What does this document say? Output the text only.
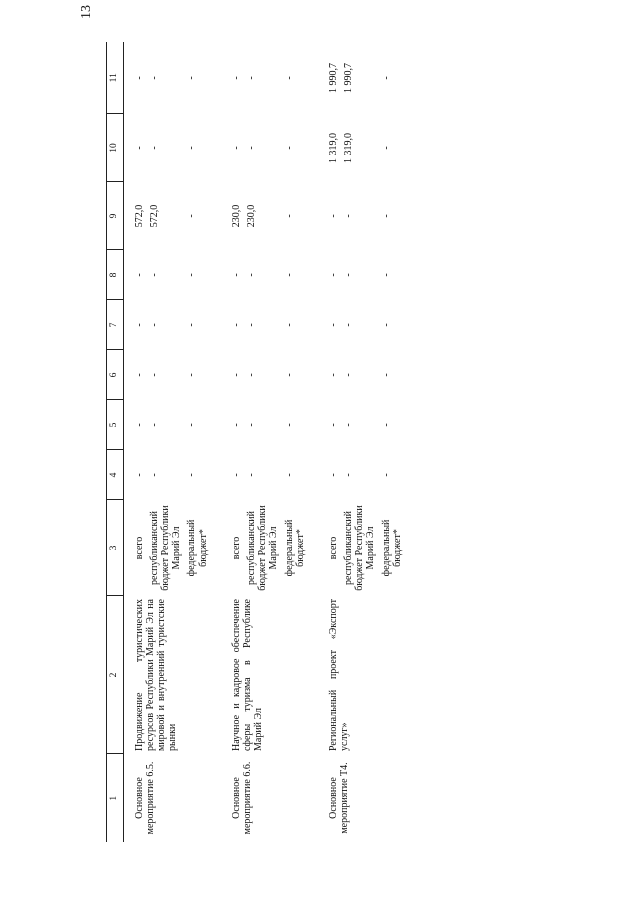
13
1	2	3	4	5	6	7	8	9	10	11
Основное мероприятие 6.5.	Продвижение туристических ресурсов Республики Марий Эл на мировой и внутренний туристские рынки	всего	-	-	-	-	-	572,0	-	-
		республиканский бюджет Республики Марий Эл	-	-	-	-	-	572,0	-	-
		федеральный бюджет*	-	-	-	-	-	-	-	-

Основное мероприятие 6.6.	Научное и кадровое обеспечение сферы туризма в Республике Марий Эл	всего	-	-	-	-	-	230,0	-	-
		республиканский бюджет Республики Марий Эл	-	-	-	-	-	230,0	-	-
		федеральный бюджет*	-	-	-	-	-	-	-	-

Основное мероприятие T4.	Региональный проект «Экспорт услуг»	всего	-	-	-	-	-	-	1 319,0	1 990,7
		республиканский бюджет Республики Марий Эл	-	-	-	-	-	-	1 319,0	1 990,7
		федеральный бюджет*	-	-	-	-	-	-	-	-
